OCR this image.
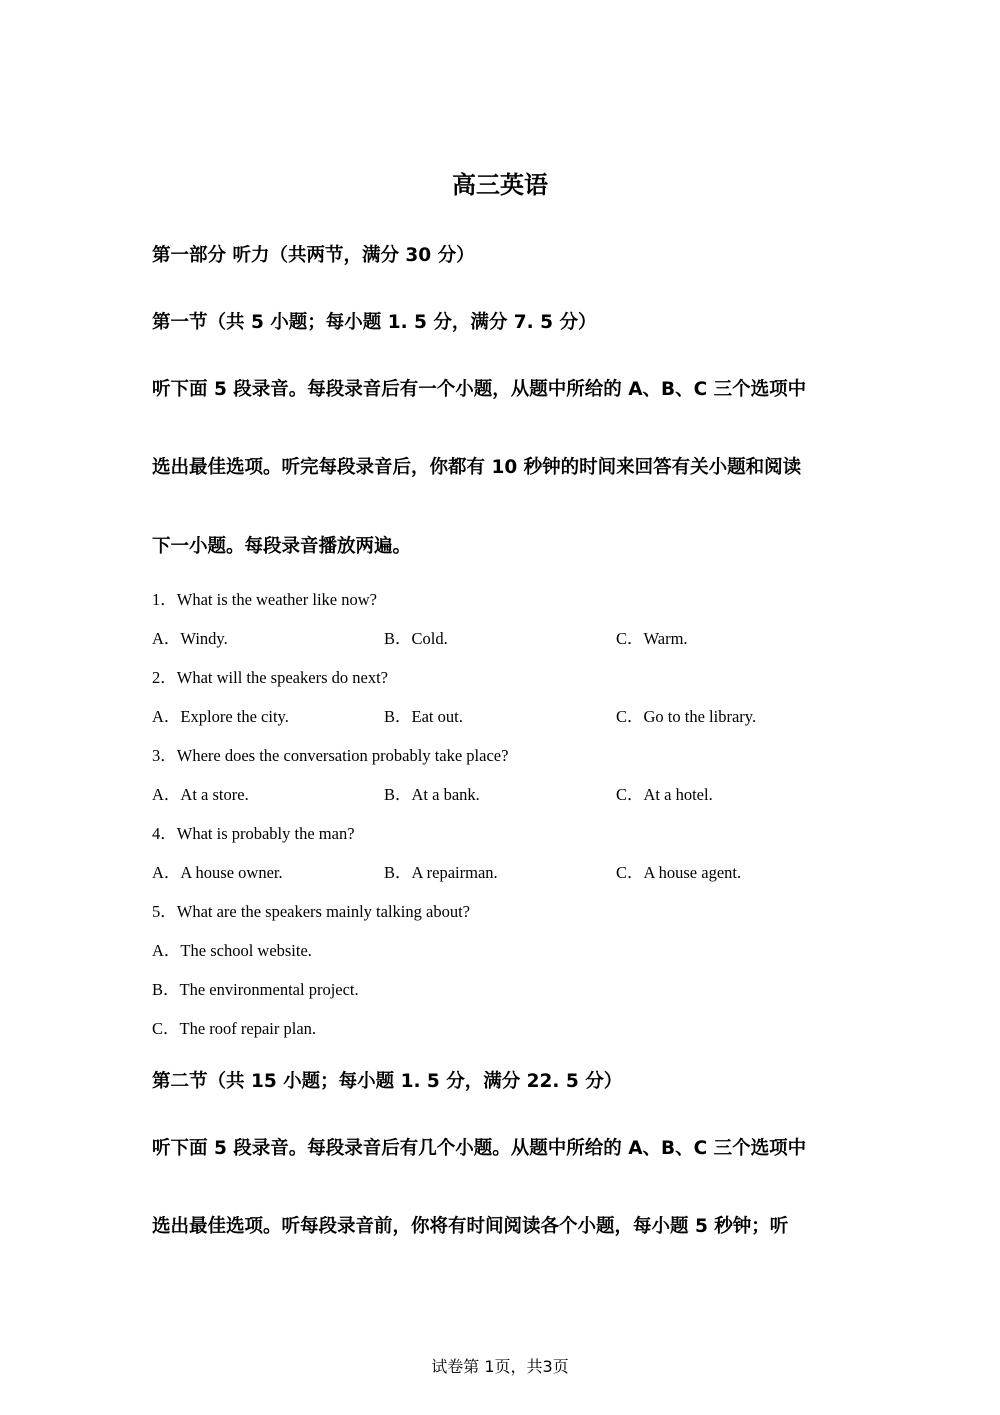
高三英语
第一部分 听力（共两节，满分 30 分）
第一节（共 5 小题；每小题 1. 5 分，满分 7. 5 分）
听下面 5 段录音。每段录音后有一个小题，从题中所给的 A、B、C 三个选项中
选出最佳选项。听完每段录音后，你都有 10 秒钟的时间来回答有关小题和阅读
下一小题。每段录音播放两遍。
1．What is the weather like now?
A．Windy.	B．Cold.	C．Warm.
2．What will the speakers do next?
A．Explore the city.	B．Eat out.	C．Go to the library.
3．Where does the conversation probably take place?
A．At a store.	B．At a bank.	C．At a hotel.
4．What is probably the man?
A．A house owner.	B．A repairman.	C．A house agent.
5．What are the speakers mainly talking about?
A．The school website.
B．The environmental project.
C．The roof repair plan.
第二节（共 15 小题；每小题 1. 5 分，满分 22. 5 分）
听下面 5 段录音。每段录音后有几个小题。从题中所给的 A、B、C 三个选项中
选出最佳选项。听每段录音前，你将有时间阅读各个小题，每小题 5 秒钟；听
试卷第 1页，共3页
